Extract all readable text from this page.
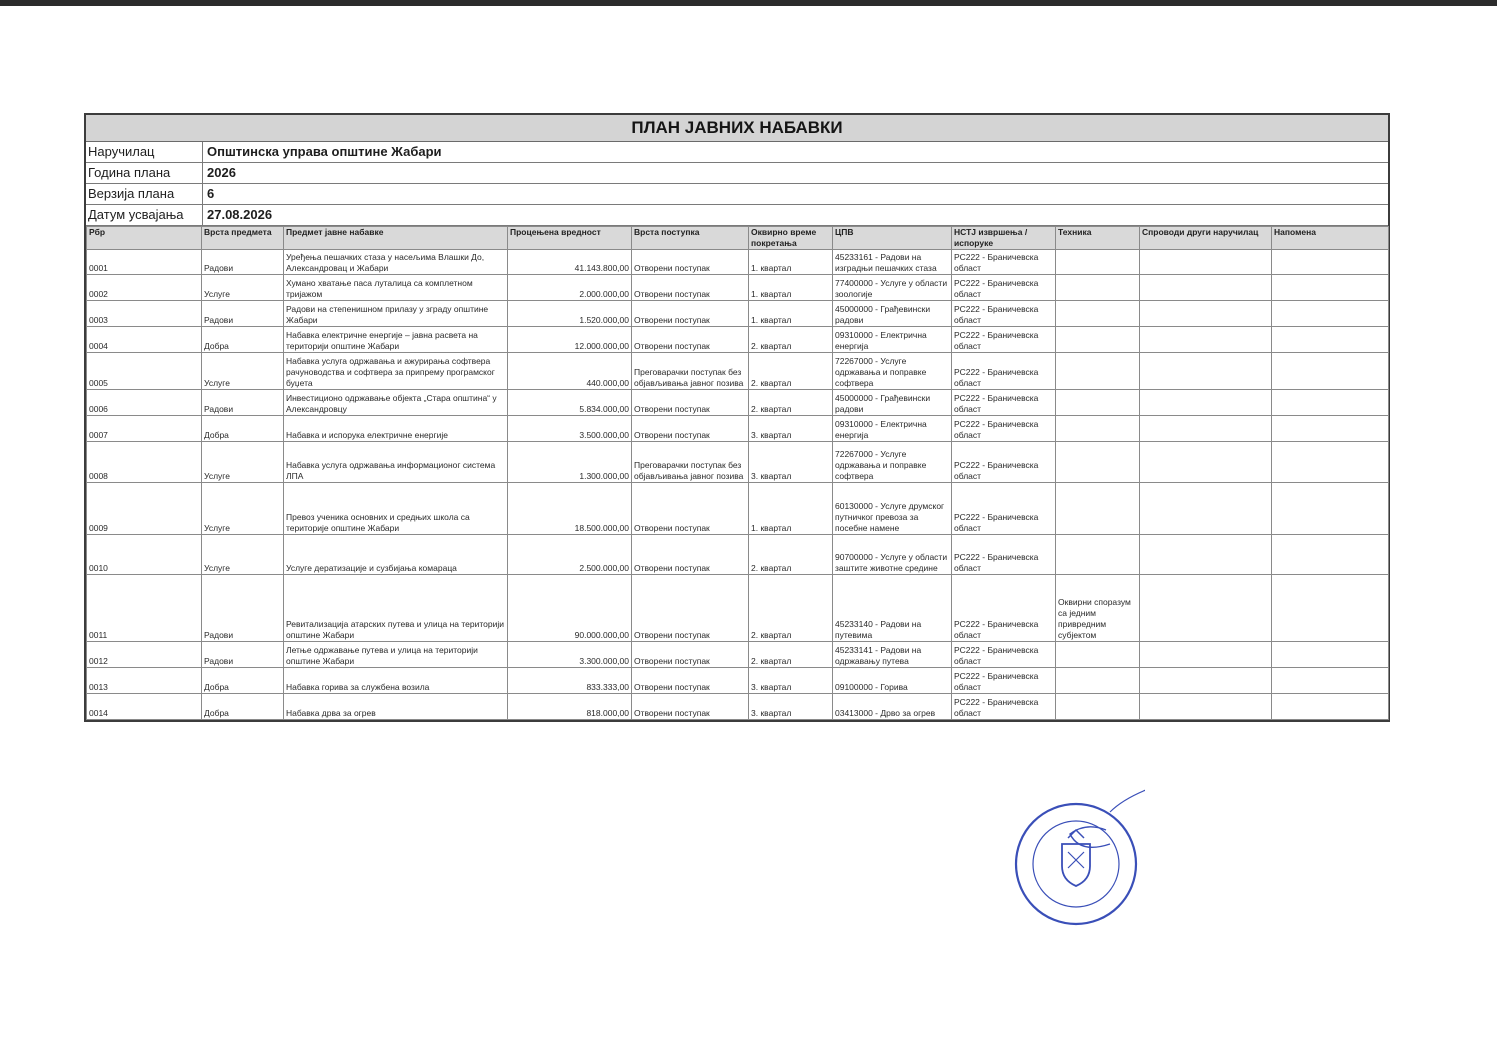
ПЛАН ЈАВНИХ НАБАВКИ
Наручилац	Општинска управа општине Жабари
Година плана	2026
Верзија плана	6
Датум усвајања	27.08.2026
Рбр	Врста предмета	Предмет јавне набавке	Процењена вредност	Врста поступка	Оквирно време покретања	ЦПВ	НСТЈ извршења / испоруке	Техника	Спроводи други наручилац	Напомена
0001	Радови	Уређења пешачких стаза у насељима Влашки До, Александровац и Жабари	41.143.800,00	Отворени поступак	1. квартал	45233161 - Радови на изградњи пешачких стаза	РС222 - Браничевска област			
0002	Услуге	Хумано хватање паса луталица са комплетном тријажом	2.000.000,00	Отворени поступак	1. квартал	77400000 - Услуге у области зоологије	РС222 - Браничевска област			
0003	Радови	Радови на степенишном прилазу у зграду општине Жабари	1.520.000,00	Отворени поступак	1. квартал	45000000 - Грађевински радови	РС222 - Браничевска област			
0004	Добра	Набавка електричне енергије – јавна расвета на територији општине Жабари	12.000.000,00	Отворени поступак	2. квартал	09310000 - Електрична енергија	РС222 - Браничевска област			
0005	Услуге	Набавка услуга одржавања и ажурирања софтвера рачуноводства и софтвера за припрему програмског буџета	440.000,00	Преговарачки поступак без објављивања јавног позива	2. квартал	72267000 - Услуге одржавања и поправке софтвера	РС222 - Браничевска област			
0006	Радови	Инвестиционо одржавање објекта „Стара општина“ у Александровцу	5.834.000,00	Отворени поступак	2. квартал	45000000 - Грађевински радови	РС222 - Браничевска област			
0007	Добра	Набавка и испорука електричне енергије	3.500.000,00	Отворени поступак	3. квартал	09310000 - Електрична енергија	РС222 - Браничевска област			
0008	Услуге	Набавка услуга одржавања информационог система ЛПА	1.300.000,00	Преговарачки поступак без објављивања јавног позива	3. квартал	72267000 - Услуге одржавања и поправке софтвера	РС222 - Браничевска област			
0009	Услуге	Превоз ученика основних и средњих школа са територије општине Жабари	18.500.000,00	Отворени поступак	1. квартал	60130000 - Услуге друмског путничког превоза за посебне намене	РС222 - Браничевска област			
0010	Услуге	Услуге дератизације и сузбијања комараца	2.500.000,00	Отворени поступак	2. квартал	90700000 - Услуге у области заштите животне средине	РС222 - Браничевска област			
0011	Радови	Ревитализација атарских путева и улица на територији општине Жабари	90.000.000,00	Отворени поступак	2. квартал	45233140 - Радови на путевима	РС222 - Браничевска област	Оквирни споразум са једним привредним субјектом		
0012	Радови	Летње одржавање путева и улица на територији општине Жабари	3.300.000,00	Отворени поступак	2. квартал	45233141 - Радови на одржавању путева	РС222 - Браничевска област			
0013	Добра	Набавка горива за службена возила	833.333,00	Отворени поступак	3. квартал	09100000 - Горива	РС222 - Браничевска област			
0014	Добра	Набавка дрва за огрев	818.000,00	Отворени поступак	3. квартал	03413000 - Дрво за огрев	РС222 - Браничевска област			
